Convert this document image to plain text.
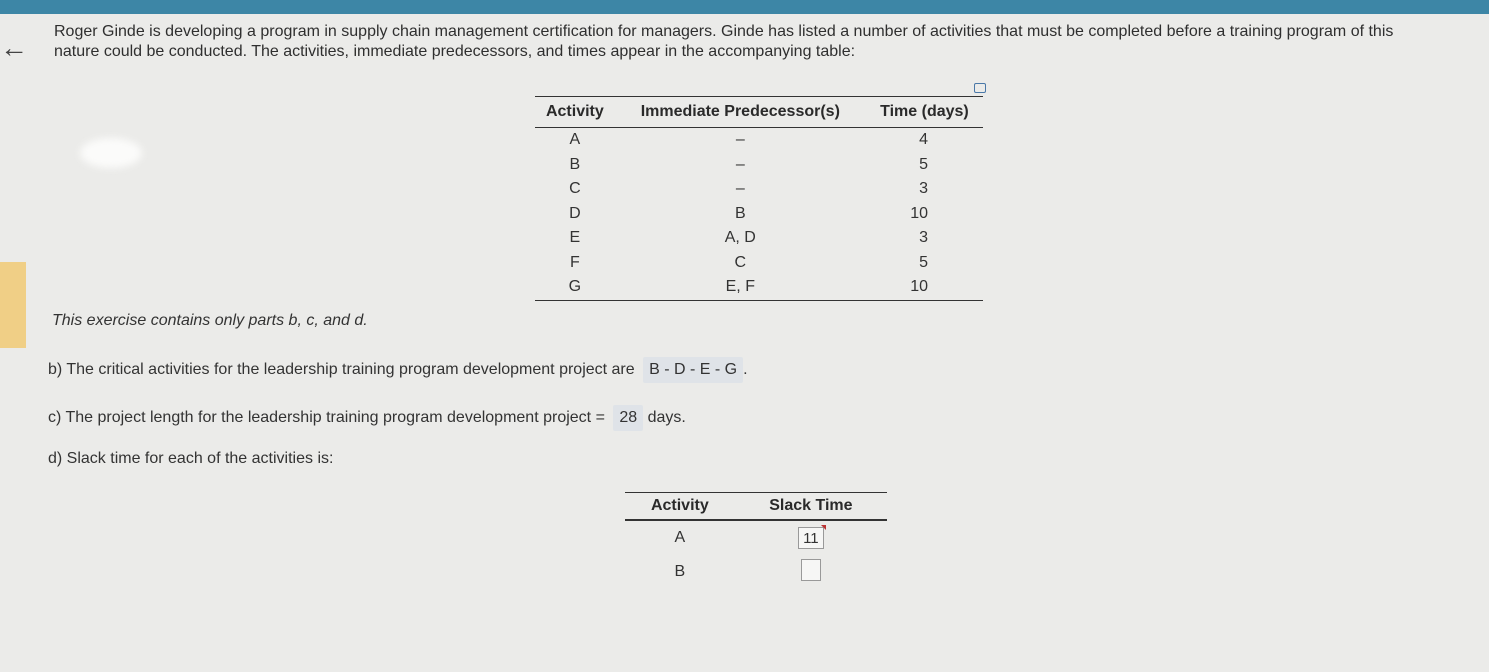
←
Roger Ginde is developing a program in supply chain management certification for managers. Ginde has listed a number of activities that must be completed before a training program of this nature could be conducted. The activities, immediate predecessors, and times appear in the accompanying table:
Activity	Immediate Predecessor(s)	Time (days)
A	–	4
B	–	5
C	–	3
D	B	10
E	A, D	3
F	C	5
G	E, F	10
This exercise contains only parts b, c, and d.
b) The critical activities for the leadership training program development project are B - D - E - G .
c) The project length for the leadership training program development project = 28 days.
d) Slack time for each of the activities is:
Activity	Slack Time
A	11

B	
